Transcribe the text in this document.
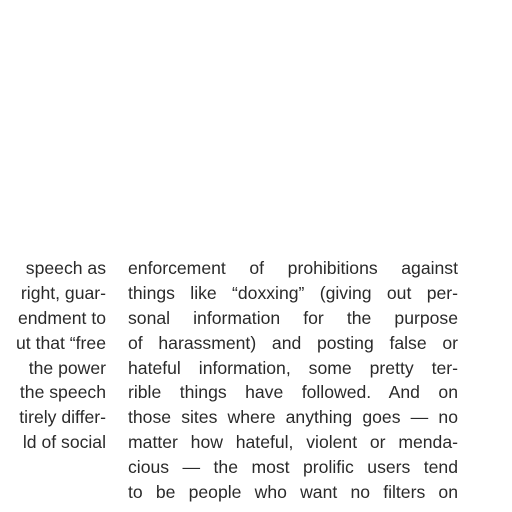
speech as
right, guar-
endment to
ut that “free
the power
the speech
tirely differ-
ld of social
enforcement of prohibitions against
things like “doxxing” (giving out per-
sonal information for the purpose
of harassment) and posting false or
hateful information, some pretty ter-
rible things have followed. And on
those sites where anything goes — no
matter how hateful, violent or menda-
cious — the most prolific users tend
to be people who want no filters on
